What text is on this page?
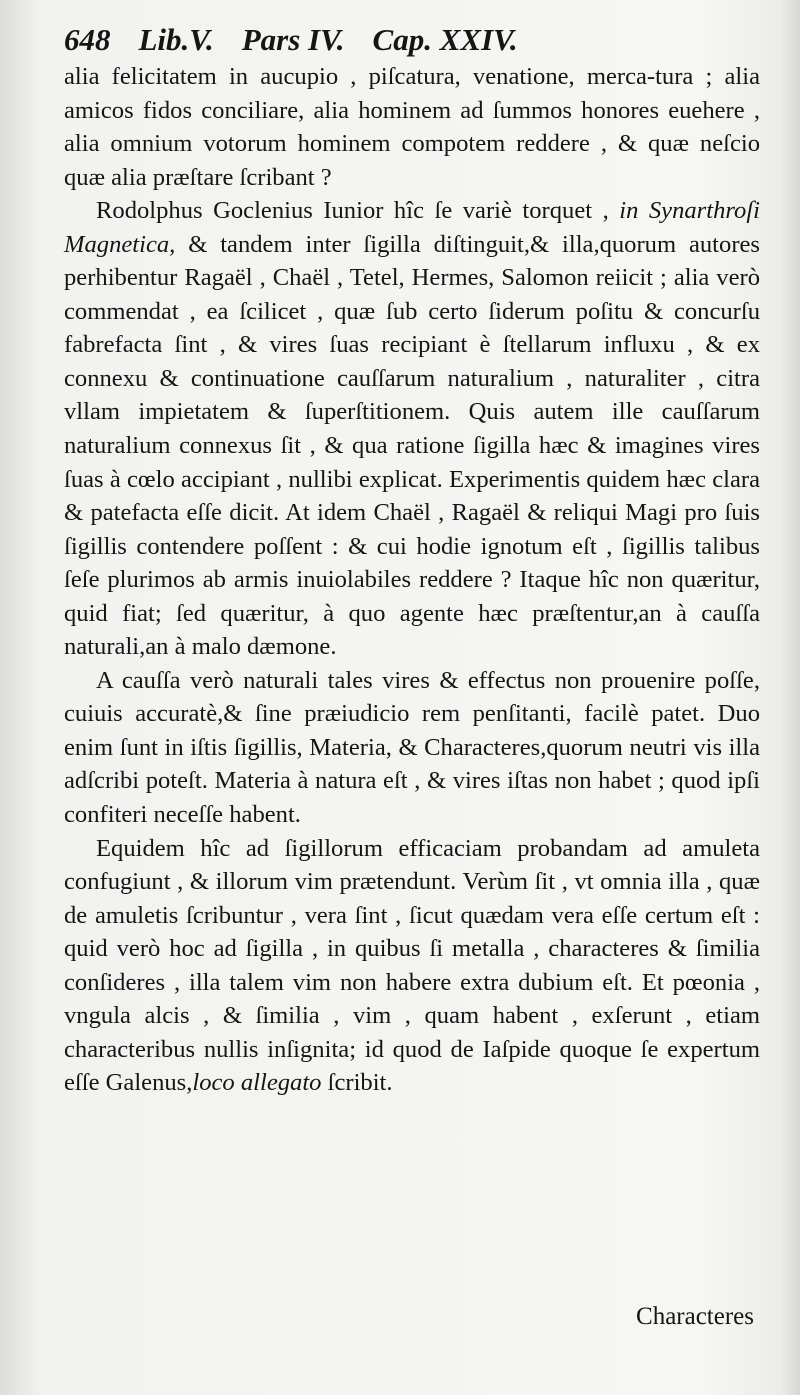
648 Lib.V. Pars IV. Cap. XXIV.

alia felicitatem in aucupio , piſcatura, venatione, merca-tura ; alia amicos fidos conciliare, alia hominem ad ſummos honores euehere , alia omnium votorum hominem compotem reddere , & quæ neſcio quæ alia præſtare ſcribant ?

Rodolphus Goclenius Iunior hîc ſe variè torquet , in Synarthroſi Magnetica, & tandem inter ſigilla diſtinguit,& illa,quorum autores perhibentur Ragaël , Chaël , Tetel, Hermes, Salomon reiicit ; alia verò commendat , ea ſcilicet , quæ ſub certo ſiderum poſitu & concurſu fabrefacta ſint , & vires ſuas recipiant è ſtellarum influxu , & ex connexu & continuatione cauſſarum naturalium , naturaliter , citra vllam impietatem & ſuperſtitionem. Quis autem ille cauſſarum naturalium connexus ſit , & qua ratione ſigilla hæc & imagines vires ſuas à cœlo accipiant , nullibi explicat. Experimentis quidem hæc clara & patefacta eſſe dicit. At idem Chaël , Ragaël & reliqui Magi pro ſuis ſigillis contendere poſſent : & cui hodie ignotum eſt , ſigillis talibus ſeſe plurimos ab armis inuiolabiles reddere ? Itaque hîc non quæritur, quid fiat; ſed quæritur, à quo agente hæc præſtentur,an à cauſſa naturali,an à malo dæmone.

A cauſſa verò naturali tales vires & effectus non prouenire poſſe, cuiuis accuratè,& ſine præiudicio rem penſitanti, facilè patet. Duo enim ſunt in iſtis ſigillis, Materia, & Characteres,quorum neutri vis illa adſcribi poteſt. Materia à natura eſt , & vires iſtas non habet ; quod ipſi confiteri neceſſe habent.

Equidem hîc ad ſigillorum efficaciam probandam ad amuleta confugiunt , & illorum vim prætendunt. Verùm ſit , vt omnia illa , quæ de amuletis ſcribuntur , vera ſint , ſicut quædam vera eſſe certum eſt : quid verò hoc ad ſigilla , in quibus ſi metalla , characteres & ſimilia conſideres , illa talem vim non habere extra dubium eſt. Et pœonia , vngula alcis , & ſimilia , vim , quam habent , exſerunt , etiam characteribus nullis inſignita; id quod de Iaſpide quoque ſe expertum eſſe Galenus,loco allegato ſcribit.

Characteres
